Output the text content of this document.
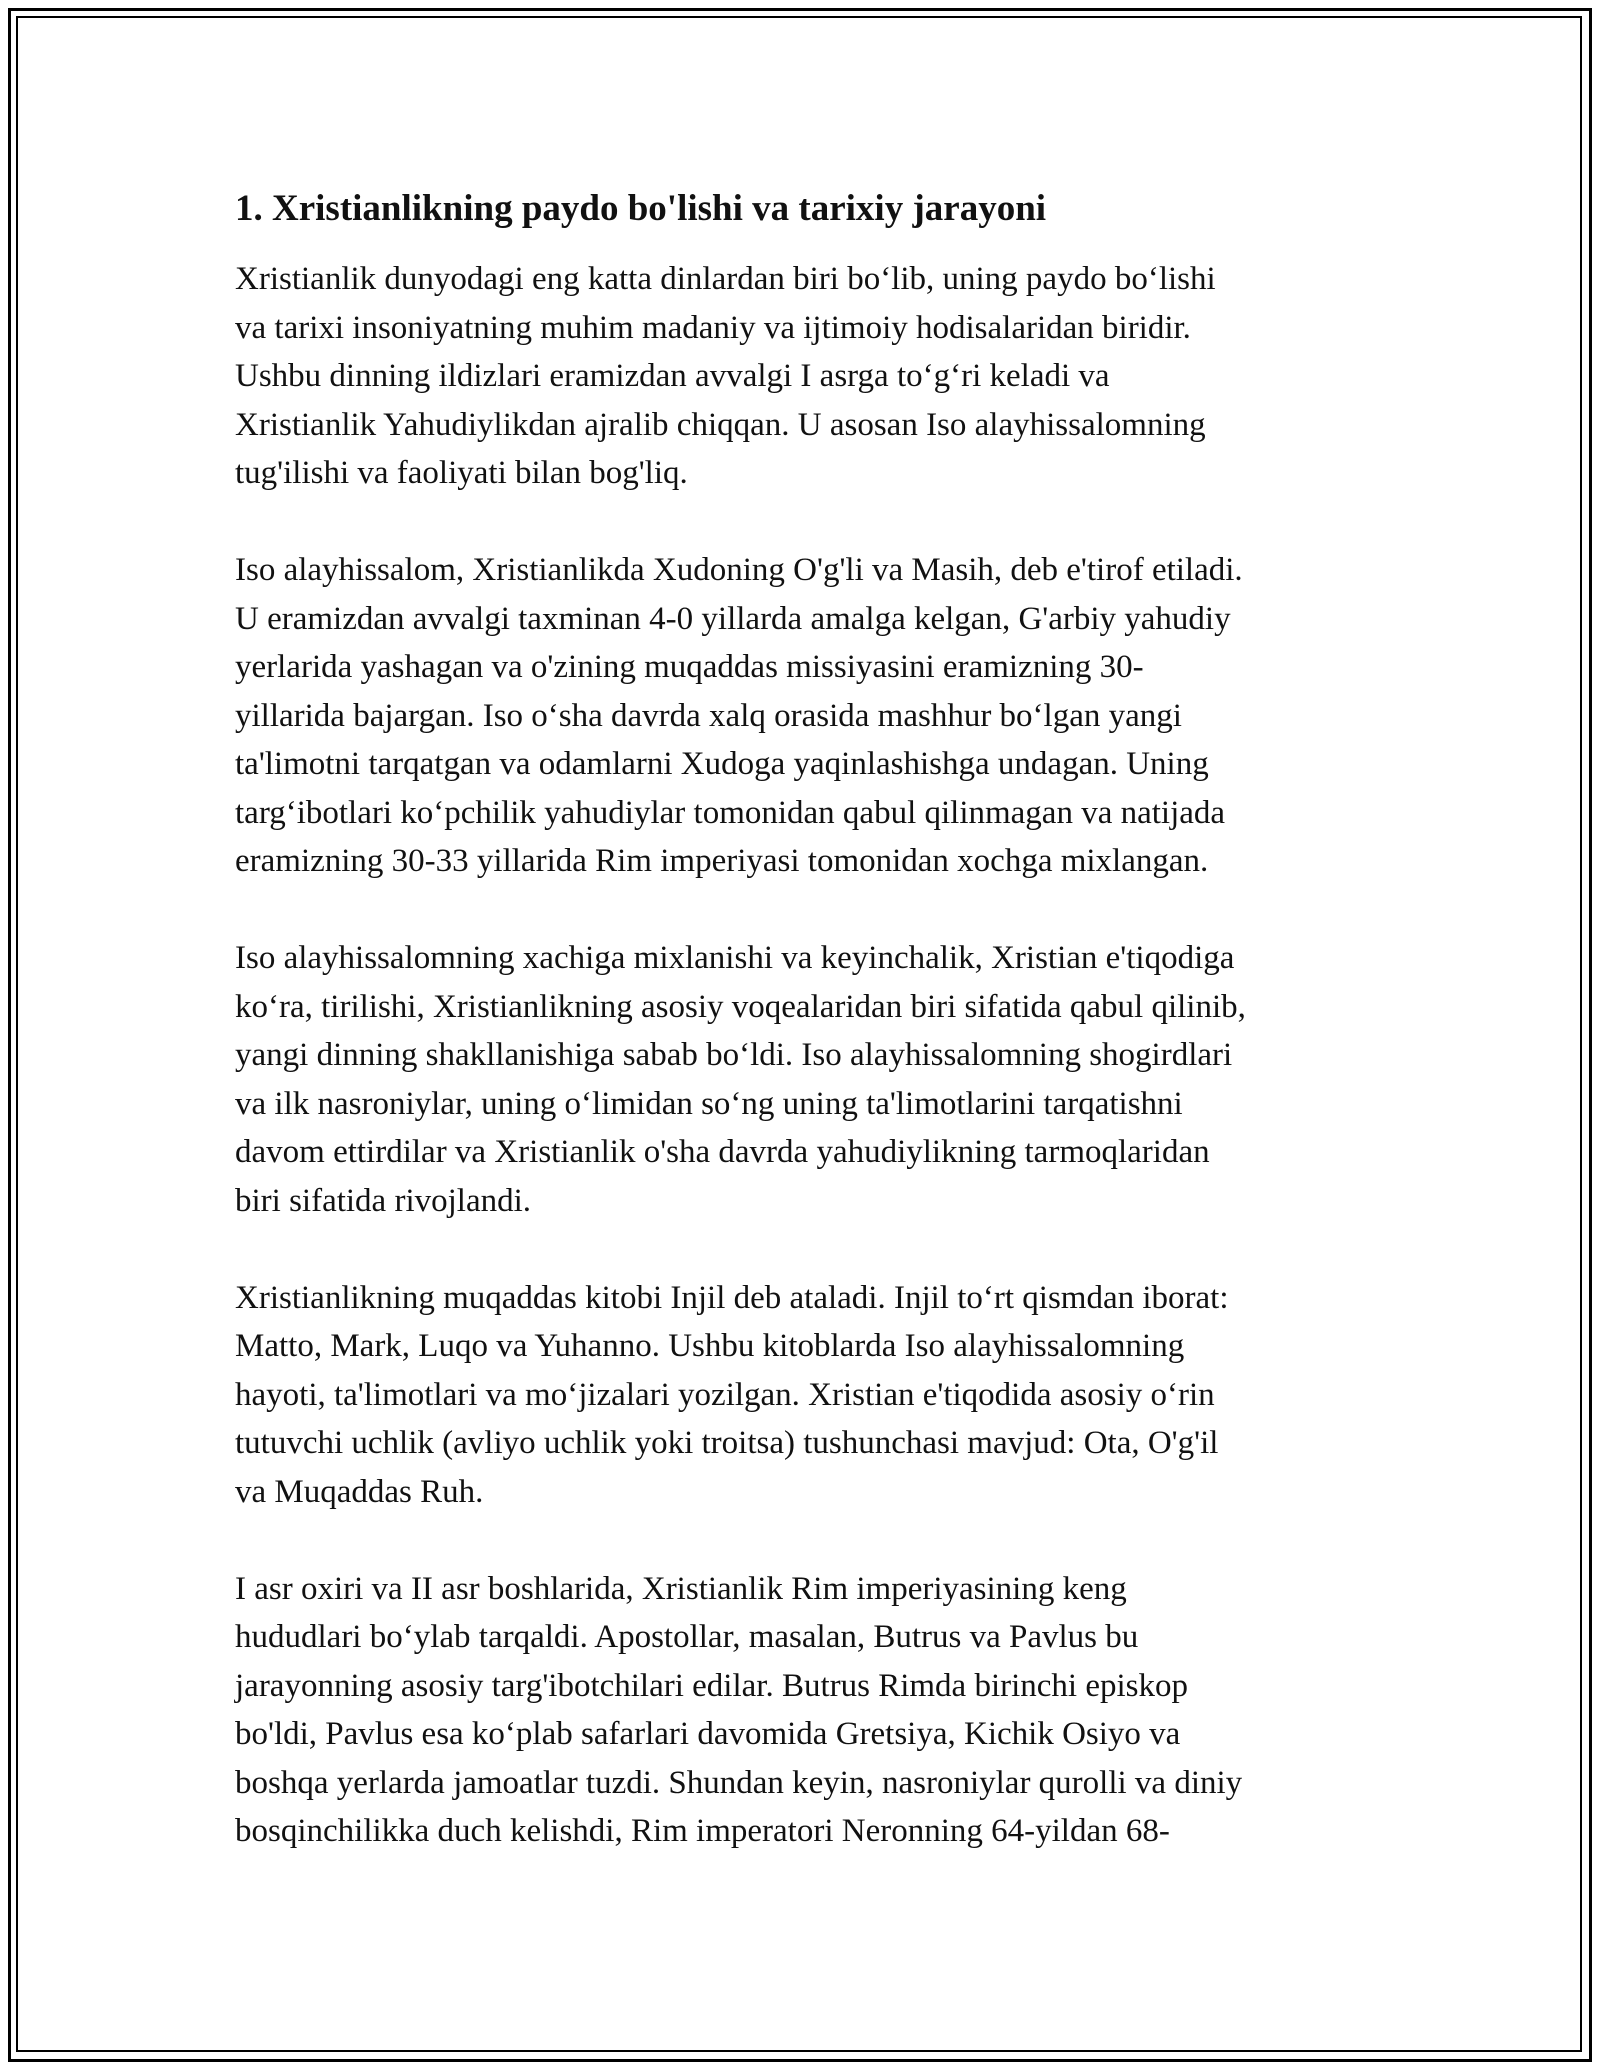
1. Xristianlikning paydo bo'lishi va tarixiy jarayoni

Xristianlik dunyodagi eng katta dinlardan biri bo‘lib, uning paydo bo‘lishi
va tarixi insoniyatning muhim madaniy va ijtimoiy hodisalaridan biridir.
Ushbu dinning ildizlari eramizdan avvalgi I asrga to‘g‘ri keladi va
Xristianlik Yahudiylikdan ajralib chiqqan. U asosan Iso alayhissalomning
tug'ilishi va faoliyati bilan bog'liq.

Iso alayhissalom, Xristianlikda Xudoning O'g'li va Masih, deb e'tirof etiladi.
U eramizdan avvalgi taxminan 4-0 yillarda amalga kelgan, G'arbiy yahudiy
yerlarida yashagan va o'zining muqaddas missiyasini eramizning 30-
yillarida bajargan. Iso o‘sha davrda xalq orasida mashhur bo‘lgan yangi
ta'limotni tarqatgan va odamlarni Xudoga yaqinlashishga undagan. Uning
targ‘ibotlari ko‘pchilik yahudiylar tomonidan qabul qilinmagan va natijada
eramizning 30-33 yillarida Rim imperiyasi tomonidan xochga mixlangan.

Iso alayhissalomning xachiga mixlanishi va keyinchalik, Xristian e'tiqodiga
ko‘ra, tirilishi, Xristianlikning asosiy voqealaridan biri sifatida qabul qilinib,
yangi dinning shakllanishiga sabab bo‘ldi. Iso alayhissalomning shogirdlari
va ilk nasroniylar, uning o‘limidan so‘ng uning ta'limotlarini tarqatishni
davom ettirdilar va Xristianlik o'sha davrda yahudiylikning tarmoqlaridan
biri sifatida rivojlandi.

Xristianlikning muqaddas kitobi Injil deb ataladi. Injil to‘rt qismdan iborat:
Matto, Mark, Luqo va Yuhanno. Ushbu kitoblarda Iso alayhissalomning
hayoti, ta'limotlari va mo‘jizalari yozilgan. Xristian e'tiqodida asosiy o‘rin
tutuvchi uchlik (avliyo uchlik yoki troitsa) tushunchasi mavjud: Ota, O'g'il
va Muqaddas Ruh.

I asr oxiri va II asr boshlarida, Xristianlik Rim imperiyasining keng
hududlari bo‘ylab tarqaldi. Apostollar, masalan, Butrus va Pavlus bu
jarayonning asosiy targ'ibotchilari edilar. Butrus Rimda birinchi episkop
bo'ldi, Pavlus esa ko‘plab safarlari davomida Gretsiya, Kichik Osiyo va
boshqa yerlarda jamoatlar tuzdi. Shundan keyin, nasroniylar qurolli va diniy
bosqinchilikka duch kelishdi, Rim imperatori Neronning 64-yildan 68-
